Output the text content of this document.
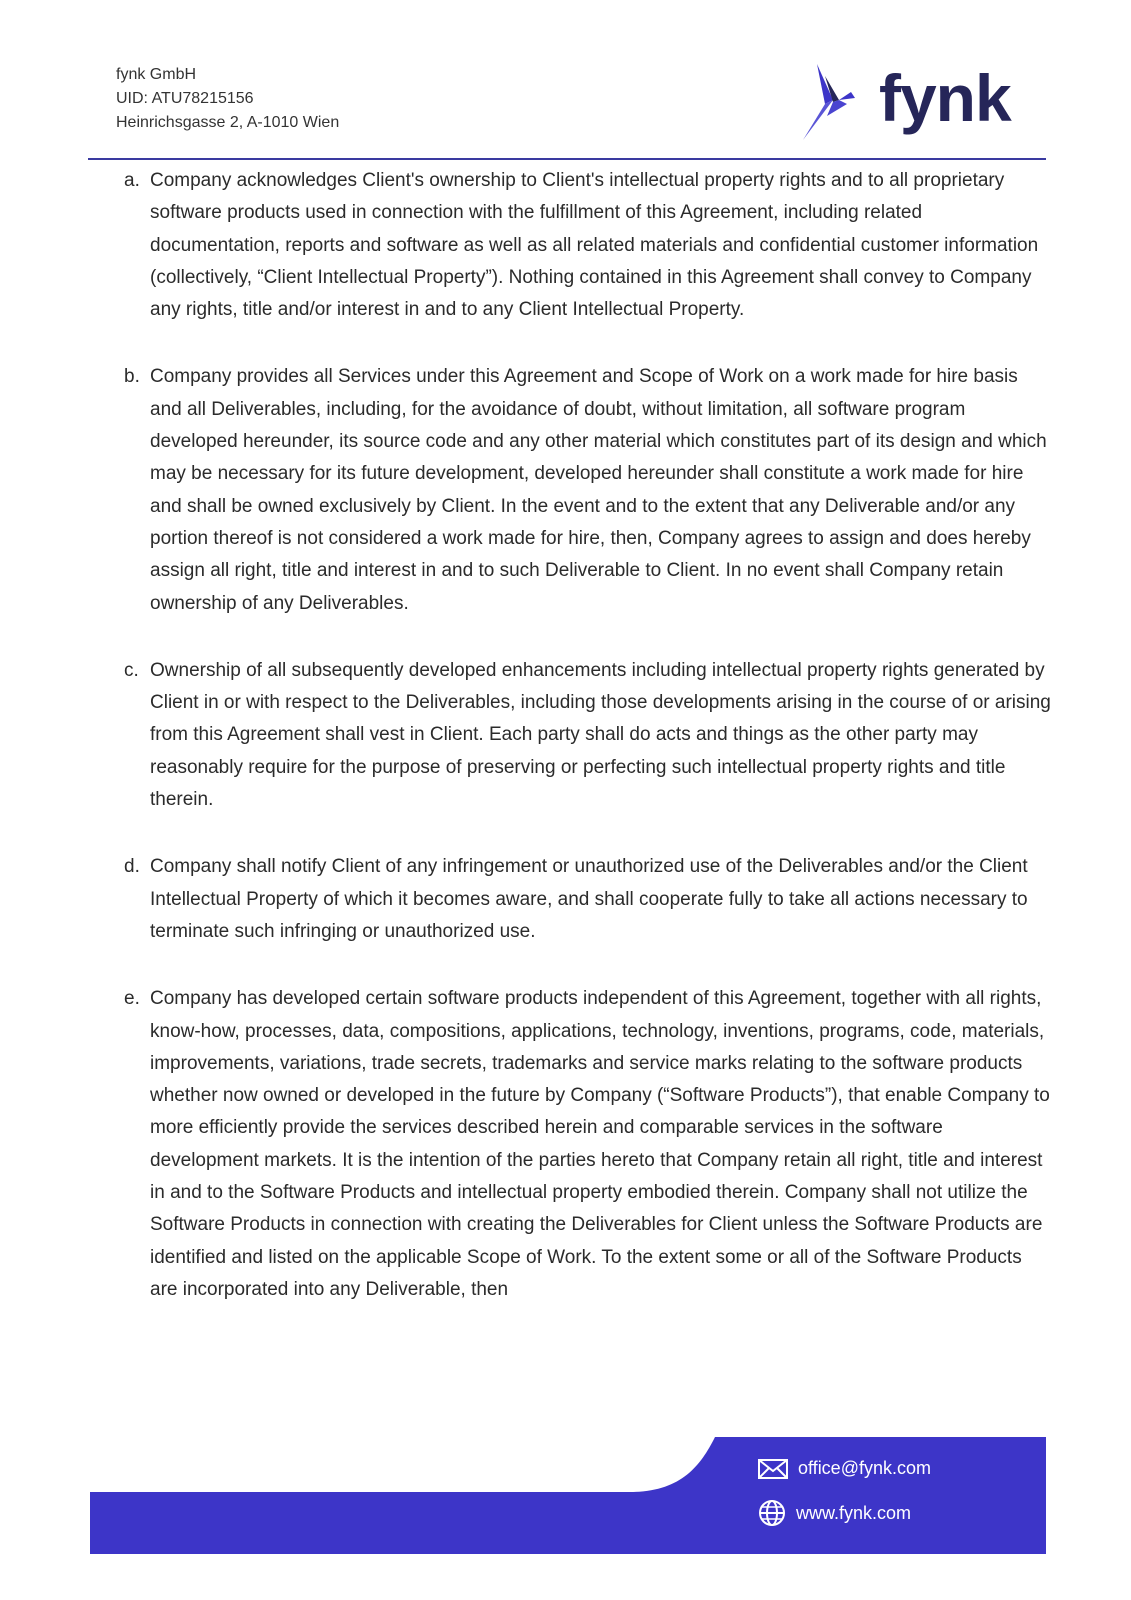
fynk GmbH
UID: ATU78215156
Heinrichsgasse 2, A-1010 Wien	fynk
a. Company acknowledges Client's ownership to Client's intellectual property rights and to all proprietary software products used in connection with the fulfillment of this Agreement, including related documentation, reports and software as well as all related materials and confidential customer information (collectively, “Client Intellectual Property”). Nothing contained in this Agreement shall convey to Company any rights, title and/or interest in and to any Client Intellectual Property.
b. Company provides all Services under this Agreement and Scope of Work on a work made for hire basis and all Deliverables, including, for the avoidance of doubt, without limitation, all software program developed hereunder, its source code and any other material which constitutes part of its design and which may be necessary for its future development, developed hereunder shall constitute a work made for hire and shall be owned exclusively by Client. In the event and to the extent that any Deliverable and/or any portion thereof is not considered a work made for hire, then, Company agrees to assign and does hereby assign all right, title and interest in and to such Deliverable to Client. In no event shall Company retain ownership of any Deliverables.
c. Ownership of all subsequently developed enhancements including intellectual property rights generated by Client in or with respect to the Deliverables, including those developments arising in the course of or arising from this Agreement shall vest in Client. Each party shall do acts and things as the other party may reasonably require for the purpose of preserving or perfecting such intellectual property rights and title therein.
d. Company shall notify Client of any infringement or unauthorized use of the Deliverables and/or the Client Intellectual Property of which it becomes aware, and shall cooperate fully to take all actions necessary to terminate such infringing or unauthorized use.
e. Company has developed certain software products independent of this Agreement, together with all rights, know-how, processes, data, compositions, applications, technology, inventions, programs, code, materials, improvements, variations, trade secrets, trademarks and service marks relating to the software products whether now owned or developed in the future by Company (“Software Products”), that enable Company to more efficiently provide the services described herein and comparable services in the software development markets. It is the intention of the parties hereto that Company retain all right, title and interest in and to the Software Products and intellectual property embodied therein. Company shall not utilize the Software Products in connection with creating the Deliverables for Client unless the Software Products are identified and listed on the applicable Scope of Work. To the extent some or all of the Software Products are incorporated into any Deliverable, then
office@fynk.com
www.fynk.com
